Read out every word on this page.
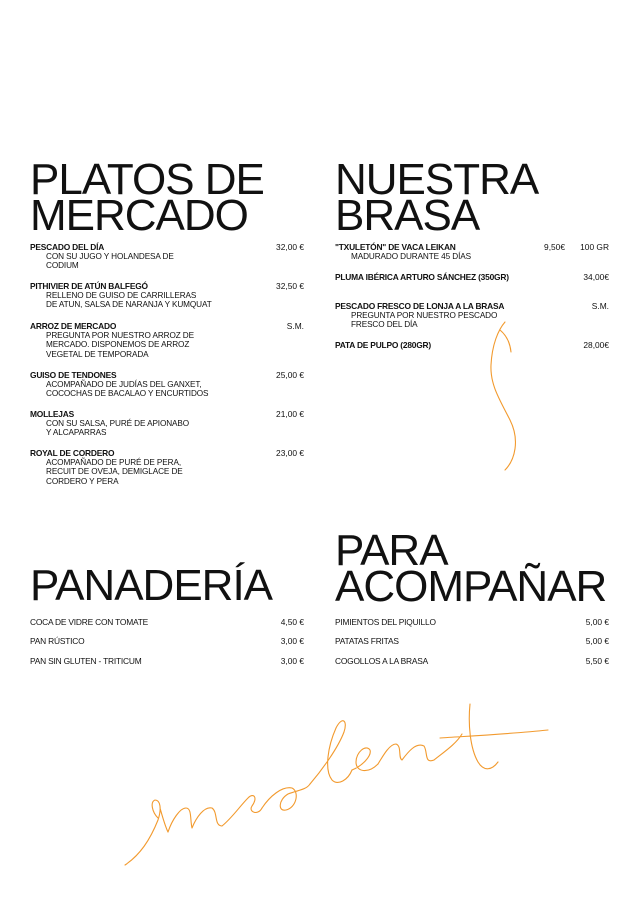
PLATOS DE
MERCADO
NUESTRA
BRASA
PANADERÍA
PARA
ACOMPAÑAR
PESCADO DEL DÍA	32,00 €
CON SU JUGO Y HOLANDESA DE
CODIUM
PITHIVIER DE ATÚN BALFEGÓ	32,50 €
RELLENO DE GUISO DE CARRILLERAS
DE ATUN, SALSA DE NARANJA Y KUMQUAT
ARROZ DE MERCADO	S.M.
PREGUNTA POR NUESTRO ARROZ DE
MERCADO. DISPONEMOS DE ARROZ
VEGETAL DE TEMPORADA
GUISO DE TENDONES	25,00 €
ACOMPAÑADO DE JUDÍAS DEL GANXET,
COCOCHAS DE BACALAO Y ENCURTIDOS
MOLLEJAS	21,00 €
CON SU SALSA, PURÉ DE APIONABO
Y ALCAPARRAS
ROYAL DE CORDERO	23,00 €
ACOMPAÑADO DE PURÉ DE PERA,
RECUIT DE OVEJA, DEMIGLACE DE
CORDERO Y PERA
"TXULETÓN" DE VACA LEIKAN	9,50€ 100 GR
MADURADO DURANTE 45 DÍAS
PLUMA IBÉRICA ARTURO SÁNCHEZ (350GR)	34,00€
PESCADO FRESCO DE LONJA A LA BRASA	S.M.
PREGUNTA POR NUESTRO PESCADO
FRESCO DEL DÍA
PATA DE PULPO (280GR)	28,00€
COCA DE VIDRE CON TOMATE	4,50 €
PAN RÚSTICO	3,00 €
PAN SIN GLUTEN - TRITICUM	3,00 €
PIMIENTOS DEL PIQUILLO	5,00 €
PATATAS FRITAS	5,00 €
COGOLLOS A LA BRASA	5,50 €
